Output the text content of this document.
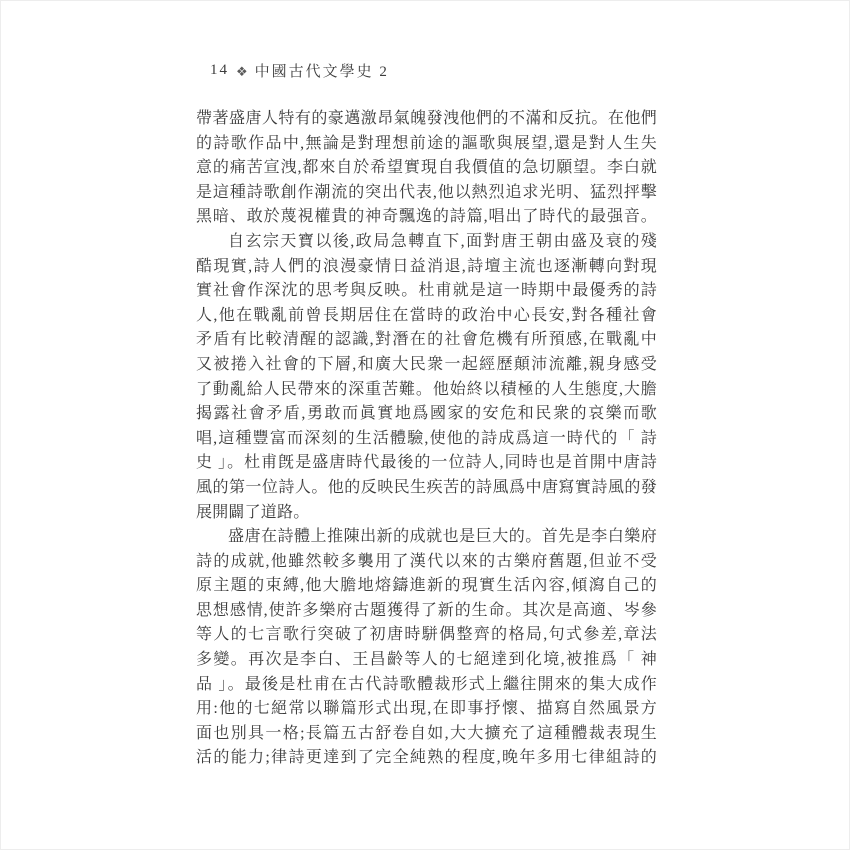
14 ❖ 中國古代文學史 2
帶著盛唐人特有的豪邁激昂氣魄發洩他們的不滿和反抗。在他們
的詩歌作品中,無論是對理想前途的謳歌與展望,還是對人生失
意的痛苦宣洩,都來自於希望實現自我價值的急切願望。李白就
是這種詩歌創作潮流的突出代表,他以熱烈追求光明、猛烈抨擊
黑暗、敢於蔑視權貴的神奇飄逸的詩篇,唱出了時代的最强音。
自玄宗天寶以後,政局急轉直下,面對唐王朝由盛及衰的殘
酷現實,詩人們的浪漫豪情日益消退,詩壇主流也逐漸轉向對現
實社會作深沈的思考與反映。杜甫就是這一時期中最優秀的詩
人,他在戰亂前曾長期居住在當時的政治中心長安,對各種社會
矛盾有比較清醒的認識,對潛在的社會危機有所預感,在戰亂中
又被捲入社會的下層,和廣大民衆一起經歷顛沛流離,親身感受
了動亂給人民帶來的深重苦難。他始終以積極的人生態度,大膽
揭露社會矛盾,勇敢而眞實地爲國家的安危和民衆的哀樂而歌
唱,這種豐富而深刻的生活體驗,使他的詩成爲這一時代的「 詩
史 」。杜甫旣是盛唐時代最後的一位詩人,同時也是首開中唐詩
風的第一位詩人。他的反映民生疾苦的詩風爲中唐寫實詩風的發
展開闢了道路。
盛唐在詩體上推陳出新的成就也是巨大的。首先是李白樂府
詩的成就,他雖然較多襲用了漢代以來的古樂府舊題,但並不受
原主題的束縛,他大膽地熔鑄進新的現實生活內容,傾瀉自己的
思想感情,使許多樂府古題獲得了新的生命。其次是高適、岑參
等人的七言歌行突破了初唐時駢偶整齊的格局,句式參差,章法
多變。再次是李白、王昌齡等人的七絕達到化境,被推爲「 神
品 」。最後是杜甫在古代詩歌體裁形式上繼往開來的集大成作
用:他的七絕常以聯篇形式出現,在即事抒懷、描寫自然風景方
面也別具一格;長篇五古舒卷自如,大大擴充了這種體裁表現生
活的能力;律詩更達到了完全純熟的程度,晚年多用七律組詩的
